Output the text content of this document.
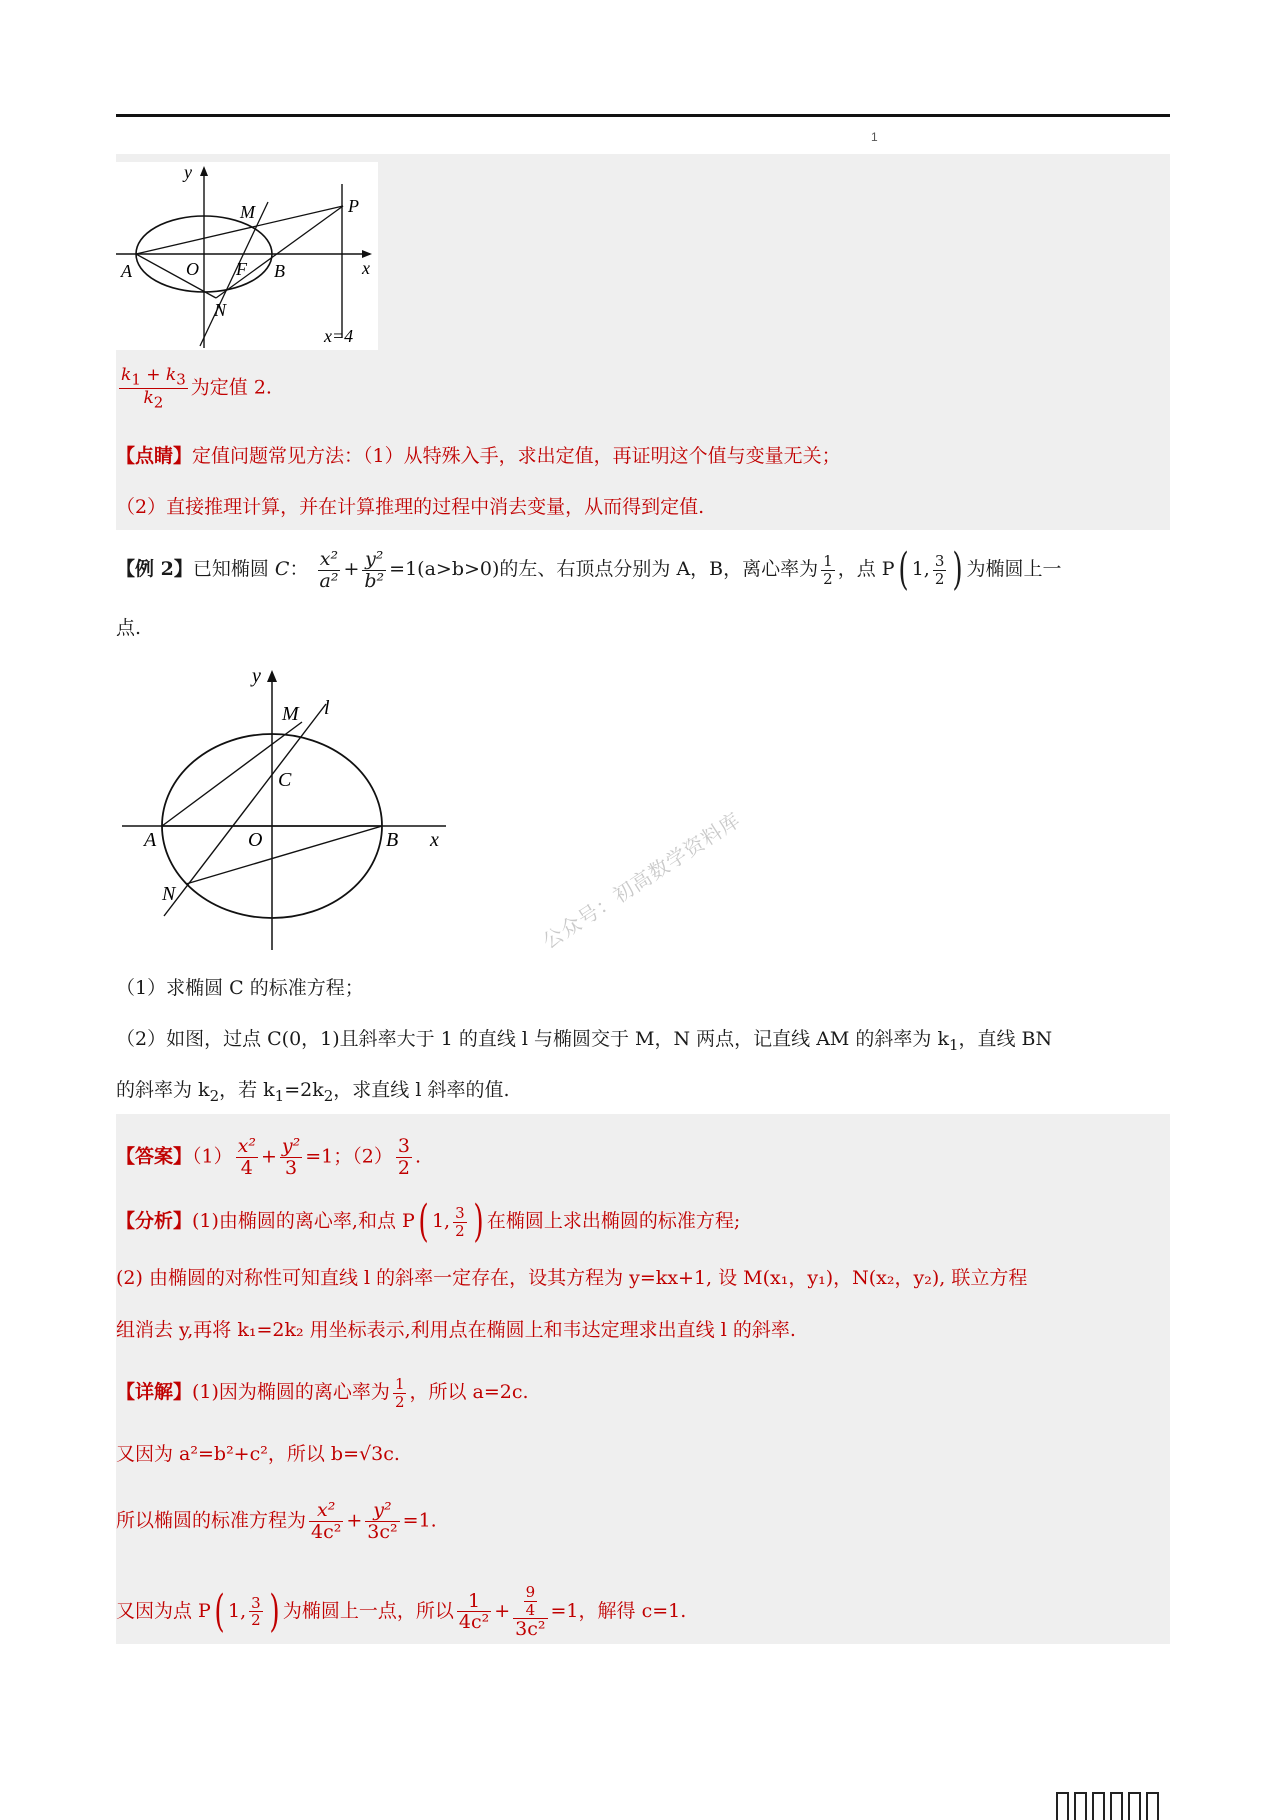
1
y
M	P
A	O F B	x
N
x=4
$\frac{k_1 + k_3}{k_2}$ 为定值 2.
【点睛】定值问题常见方法：（1）从特殊入手，求出定值，再证明这个值与变量无关；
（2）直接推理计算，并在计算推理的过程中消去变量，从而得到定值.
【例 2】已知椭圆 C： $\frac{\text{x²}}{\text{a²}} + \frac{\text{y²}}{\text{b²}} =1(a>b>0)$的左、右顶点分别为 A，B，离心率为 $\frac{1}{2}$ ，点 P( 1, $\frac{3}{2}$ ) 为椭圆上一
点.
y
M l
C
A	O	B x
N	公众号：初高数学资料库
（1）求椭圆 C 的标准方程；
（2）如图，过点 C(0，1)且斜率大于 1 的直线 l 与椭圆交于 M，N 两点，记直线 AM 的斜率为 $k_1$，直线 BN
的斜率为 $k_2$，若 $k_1=2k_2$，求直线 l 斜率的值.
【答案】$(1) \frac{\text{x²}}{4} + \frac{\text{y²}}{3} =1$；$(2) \frac{3}{2}$ .
【分析】(1)由椭圆的离心率,和点 P( 1, $\frac{3}{2}$ ) 在椭圆上求出椭圆的标准方程;
(2) 由椭圆的对称性可知直线 l 的斜率一定存在，设其方程为 y=kx+1, 设 M(x₁，y₁)，N(x₂，y₂), 联立方程
组消去 y,再将 k₁=2k₂ 用坐标表示,利用点在椭圆上和韦达定理求出直线 l 的斜率.
【详解】(1)因为椭圆的离心率为 $\frac{1}{2}$ ，所以 a=2c.
又因为 a²=b²+c²，所以 b=√3c.
所以椭圆的标准方程为 $\frac{\text{x²}}{\text{4c²}} + \frac{\text{y²}}{\text{3c²}} =1$.
又因为点 P( 1, $\frac{3}{2}$ ) 为椭圆上一点，所以 $\frac{1}{\text{4c²}} + \frac{\frac{9}{4}}{\text{3c²}} =1$，解得 c=1.
